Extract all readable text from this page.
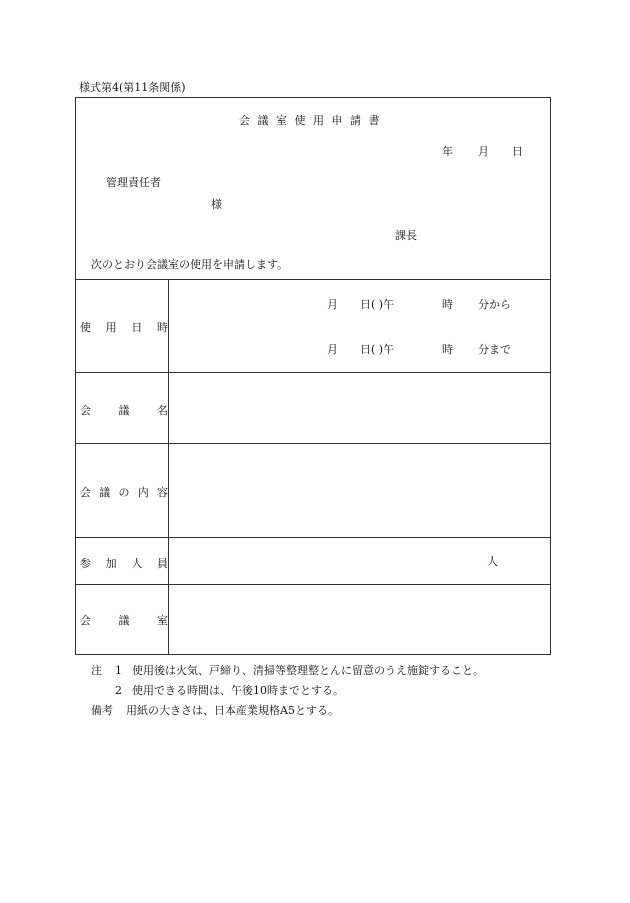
様式第4(第11条関係)
会 議 室 使 用 申 請 書
年 月 日
管理責任者
様
課長
次のとおり会議室の使用を申請します。
使 用 日 時
月 日( )午	時 分から
月 日( )午	時 分まで
会	議	名
会 議 の 内 容
参 加 人 員	人
会	議	室
注 1 使用後は火気、戸締り、清掃等整理整とんに留意のうえ施錠すること。
2 使用できる時間は、午後10時までとする。
備考 用紙の大きさは、日本産業規格A5とする。
